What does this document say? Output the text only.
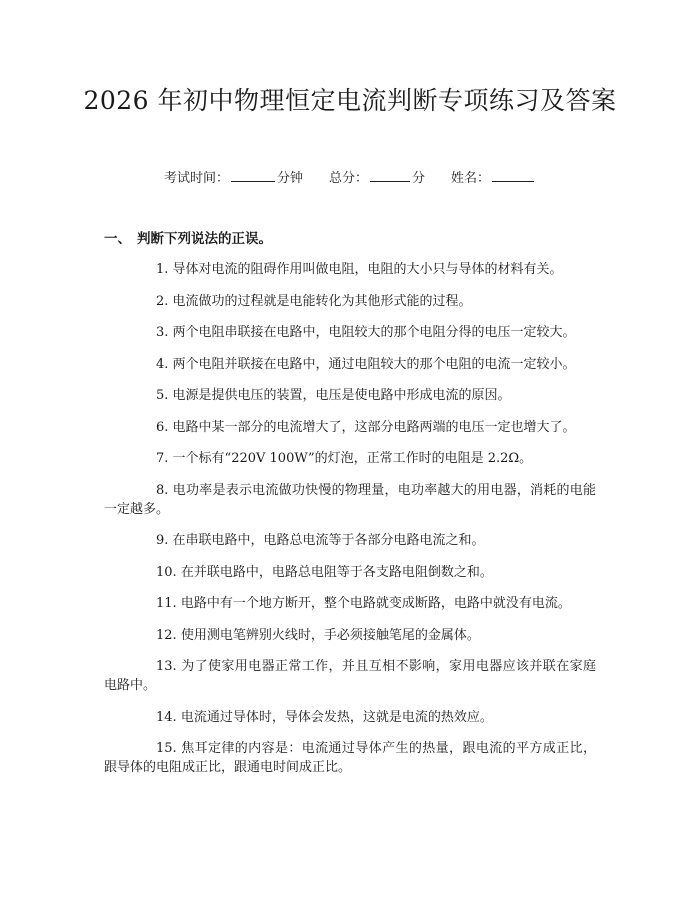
2026 年初中物理恒定电流判断专项练习及答案
考试时间：	分钟 总分：	分 姓名：
一、 判断下列说法的正误。

1. 导体对电流的阻碍作用叫做电阻，电阻的大小只与导体的材料有关。

2. 电流做功的过程就是电能转化为其他形式能的过程。

3. 两个电阻串联接在电路中，电阻较大的那个电阻分得的电压一定较大。

4. 两个电阻并联接在电路中，通过电阻较大的那个电阻的电流一定较小。

5. 电源是提供电压的装置，电压是使电路中形成电流的原因。

6. 电路中某一部分的电流增大了，这部分电路两端的电压一定也增大了。

7. 一个标有“220V 100W”的灯泡，正常工作时的电阻是 2.2Ω。

8. 电功率是表示电流做功快慢的物理量，电功率越大的用电器，消耗的电能一定越多。

9. 在串联电路中，电路总电流等于各部分电路电流之和。

10. 在并联电路中，电路总电阻等于各支路电阻倒数之和。

11. 电路中有一个地方断开，整个电路就变成断路，电路中就没有电流。

12. 使用测电笔辨别火线时，手必须接触笔尾的金属体。

13. 为了使家用电器正常工作，并且互相不影响，家用电器应该并联在家庭电路中。

14. 电流通过导体时，导体会发热，这就是电流的热效应。

15. 焦耳定律的内容是：电流通过导体产生的热量，跟电流的平方成正比，跟导体的电阻成正比，跟通电时间成正比。
